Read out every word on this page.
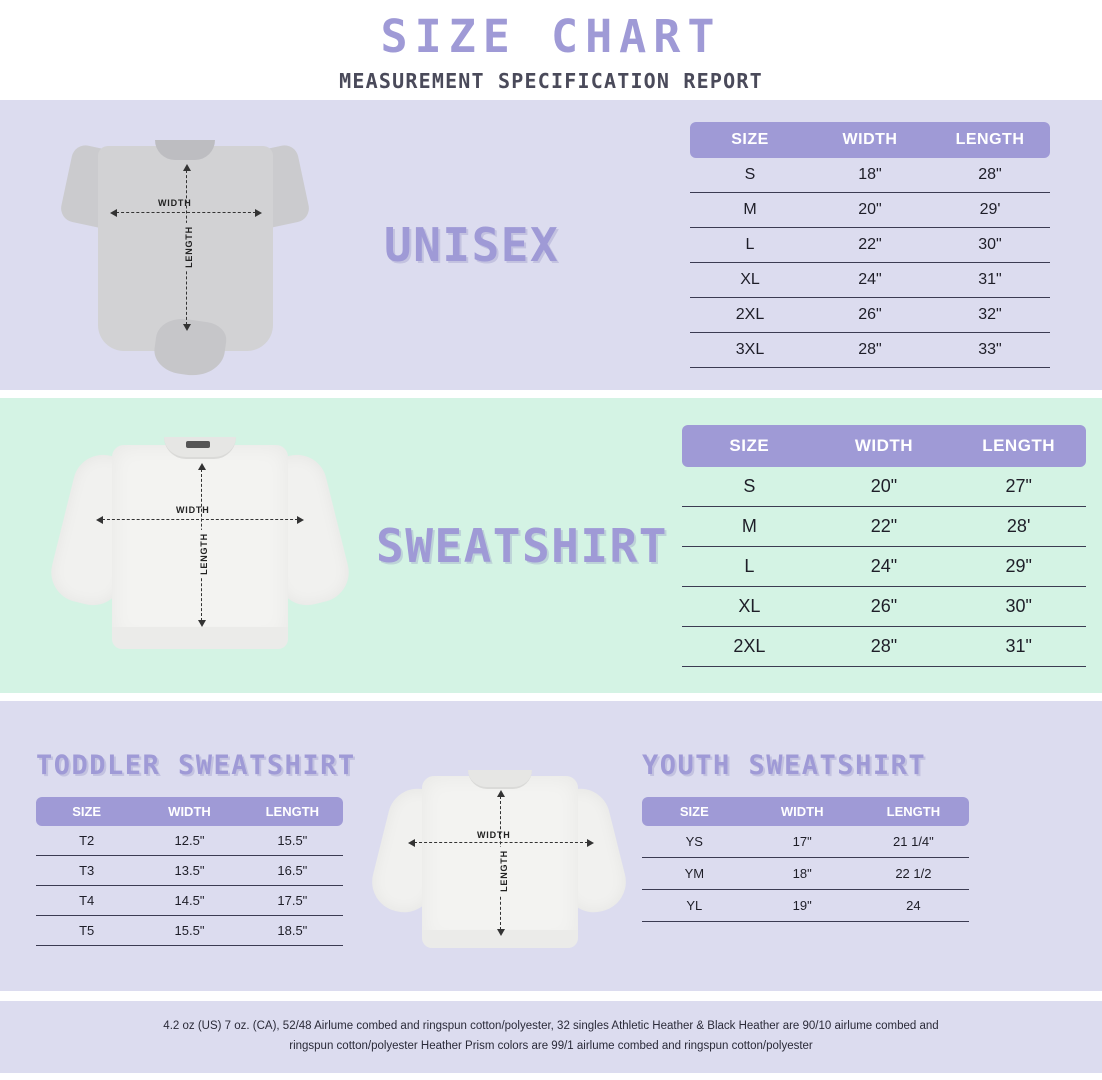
SIZE CHART
MEASUREMENT SPECIFICATION REPORT
WIDTH
LENGTH	UNISEX
SIZE	WIDTH	LENGTH
S	18"	28"
M	20"	29'
L	22"	30"
XL	24"	31"
2XL	26"	32"
3XL	28"	33"
WIDTH
LENGTH	SWEATSHIRT
SIZE	WIDTH	LENGTH
S	20"	27"
M	22"	28'
L	24"	29"
XL	26"	30"
2XL	28"	31"
TODDLER SWEATSHIRT
SIZE	WIDTH	LENGTH
T2	12.5"	15.5"
T3	13.5"	16.5"
T4	14.5"	17.5"
T5	15.5"	18.5"
WIDTH
LENGTH
YOUTH SWEATSHIRT
SIZE	WIDTH	LENGTH
YS	17"	21 1/4"
YM	18"	22 1/2
YL	19"	24
4.2 oz (US) 7 oz. (CA), 52/48 Airlume combed and ringspun cotton/polyester, 32 singles Athletic Heather & Black Heather are 90/10 airlume combed and
ringspun cotton/polyester Heather Prism colors are 99/1 airlume combed and ringspun cotton/polyester
